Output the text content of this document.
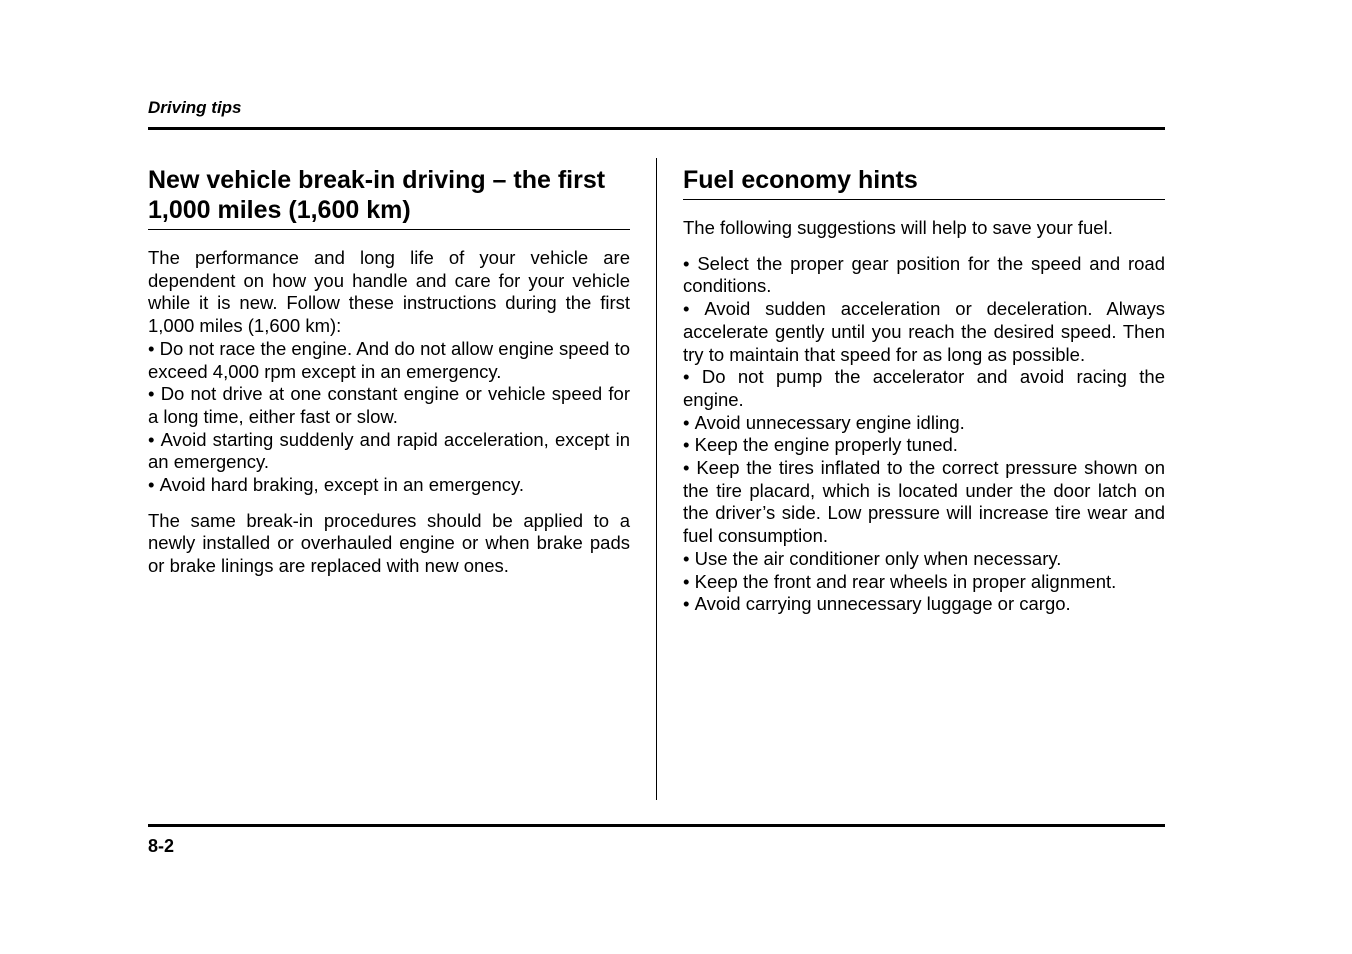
Driving tips

New vehicle break-in driving – the first 1,000 miles (1,600 km)

The performance and long life of your vehicle are dependent on how you handle and care for your vehicle while it is new. Follow these instructions during the first 1,000 miles (1,600 km):

• Do not race the engine. And do not allow engine speed to exceed 4,000 rpm except in an emergency.

• Do not drive at one constant engine or vehicle speed for a long time, either fast or slow.

• Avoid starting suddenly and rapid acceleration, except in an emergency.

• Avoid hard braking, except in an emergency.

The same break-in procedures should be applied to a newly installed or overhauled engine or when brake pads or brake linings are replaced with new ones.

Fuel economy hints

The following suggestions will help to save your fuel.

• Select the proper gear position for the speed and road conditions.

• Avoid sudden acceleration or deceleration. Always accelerate gently until you reach the desired speed. Then try to maintain that speed for as long as possible.

• Do not pump the accelerator and avoid racing the engine.

• Avoid unnecessary engine idling.

• Keep the engine properly tuned.

• Keep the tires inflated to the correct pressure shown on the tire placard, which is located under the door latch on the driver’s side. Low pressure will increase tire wear and fuel consumption.

• Use the air conditioner only when necessary.

• Keep the front and rear wheels in proper alignment.

• Avoid carrying unnecessary luggage or cargo.

8-2
